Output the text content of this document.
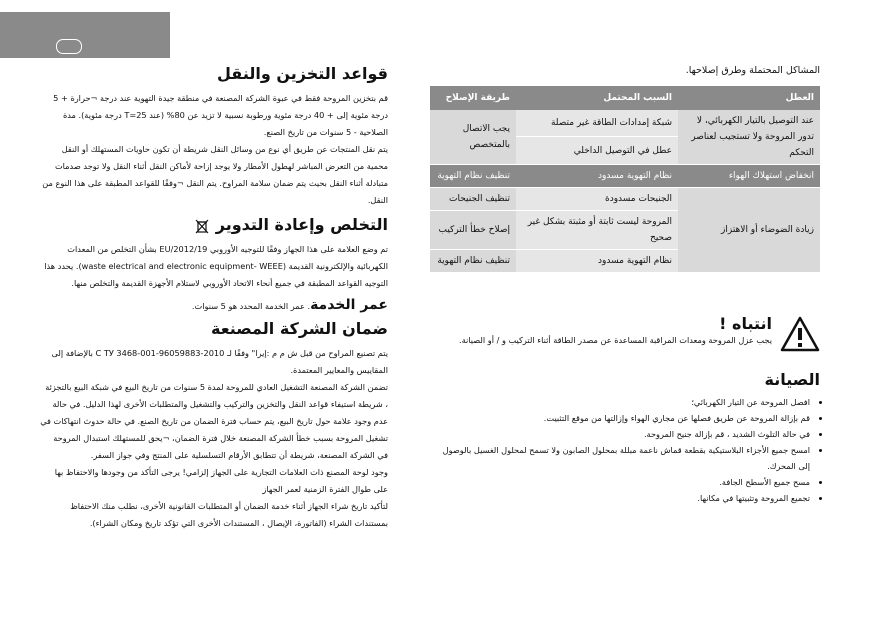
قواعد التخزين والنقل

قم بتخزين المروحة فقط في عبوة الشركة المصنعة في منطقة جيدة التهوية عند درجة ¬حرارة + 5 درجة مئوية إلى + 40 درجة مئوية ورطوبة نسبية لا تزيد عن 80% (عند T=25 درجة مئوية). مدة الصلاحية - 5 سنوات من تاريخ الصنع.

يتم نقل المنتجات عن طريق أي نوع من وسائل النقل شريطة أن تكون حاويات المستهلك أو النقل محمية من التعرض المباشر لهطول الأمطار ولا يوجد إزاحة لأماكن النقل أثناء النقل ولا توجد صدمات متبادلة أثناء النقل بحيث يتم ضمان سلامة المراوح. يتم النقل ¬وفقًا للقواعد المطبقة على هذا النوع من النقل.

التخلص وإعادة التدوير

تم وضع العلامة على هذا الجهاز وفقًا للتوجيه الأوروبي EU/2012/19 بشأن التخلص من المعدات الكهربائية والإلكترونية القديمة (waste electrical and electronic equipment- WEEE). يحدد هذا التوجيه القواعد المطبقة في جميع أنحاء الاتحاد الأوروبي لاستلام الأجهزة القديمة والتخلص منها.

عمر الخدمة. عمر الخدمة المحدد هو 5 سنوات.
ضمان الشركة المصنعة

يتم تصنيع المراوح من قبل ش م م :إيرا" وفقًا لـ 2010-96059883-001-3468 С ТУ بالإضافة إلى المقاييس والمعايير المعتمدة.

تضمن الشركة المصنعة التشغيل العادي للمروحة لمدة 5 سنوات من تاريخ البيع في شبكة البيع بالتجزئة ، شريطة استيفاء قواعد النقل والتخزين والتركيب والتشغيل والمتطلبات الأخرى لهذا الدليل. في حالة عدم وجود علامة حول تاريخ البيع، يتم حساب فترة الضمان من تاريخ الصنع. في حالة حدوث انتهاكات في تشغيل المروحة بسبب خطأ الشركة المصنعة خلال فترة الضمان، ¬يحق للمستهلك استبدال المروحة في الشركة المصنعة، شريطة أن تتطابق الأرقام التسلسلية على المنتج وفي جواز السفر.

وجود لوحة المصنع ذات العلامات التجارية على الجهاز إلزامي! يرجى التأكد من وجودها والاحتفاظ بها على طوال الفترة الزمنية لعمر الجهاز

لتأكيد تاريخ شراء الجهاز أثناء خدمة الضمان أو المتطلبات القانونية الأخرى، نطلب منك الاحتفاظ بمستندات الشراء (الفاتورة، الإيصال ، المستندات الأخرى التي تؤكد تاريخ ومكان الشراء).

المشاكل المحتملة وطرق إصلاحها.
العطل	السبب المحتمل	طريقة الإصلاح
عند التوصيل بالتيار الكهربائي، لا تدور المروحة ولا تستجيب لعناصر التحكم	شبكة إمدادات الطاقة غير متصلة	يجب الاتصال بالمتخصص
	عطل في التوصيل الداخلي	
انخفاض استهلاك الهواء	نظام التهوية مسدود	تنظيف نظام التهوية
زيادة الضوضاء أو الاهتزاز	الجنيحات مسدودة	تنظيف الجنيحات
	المروحة ليست ثابتة أو مثبتة بشكل غير صحيح	إصلاح خطأ التركيب
	نظام التهوية مسدود	تنظيف نظام التهوية
انتباه !
يجب عزل المروحة ومعدات المراقبة المساعدة عن مصدر الطاقة أثناء التركيب و / أو الصيانة.
الصيانة
• افصل المروحة عن التيار الكهربائي؛
• قم بإزالة المروحة عن طريق فصلها عن مجاري الهواء وإزالتها من موقع التثبيت.
• في حالة التلوث الشديد ، قم بإزالة جنيح المروحة.
• امسح جميع الأجزاء البلاستيكية بقطعة قماش ناعمة مبللة بمحلول الصابون ولا تسمح لمحلول الغسيل بالوصول إلى المحرك.
• مسح جميع الأسطح الجافة.
• تجميع المروحة وتثبيتها في مكانها.
